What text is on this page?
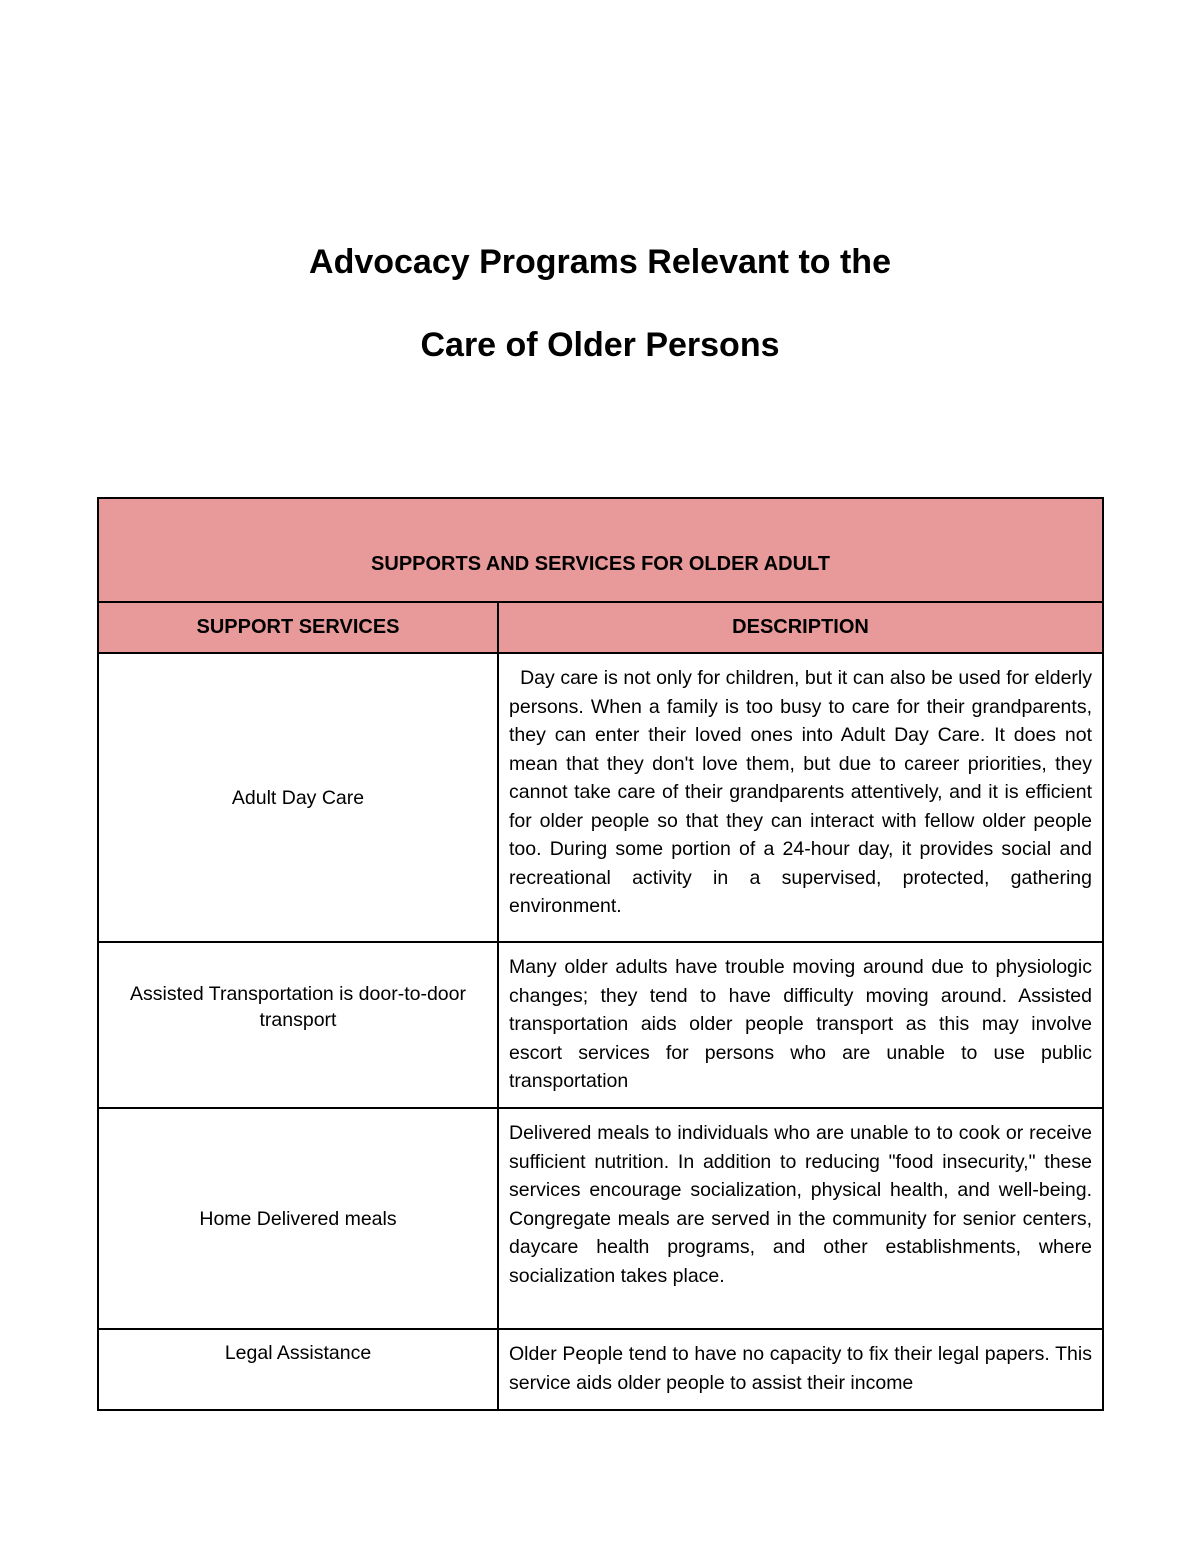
Advocacy Programs Relevant to the
Care of Older Persons
SUPPORTS AND SERVICES FOR OLDER ADULT	
SUPPORT SERVICES	DESCRIPTION
Adult Day Care	Day care is not only for children, but it can also be used for elderly persons. When a family is too busy to care for their grandparents, they can enter their loved ones into Adult Day Care. It does not mean that they don't love them, but due to career priorities, they cannot take care of their grandparents attentively, and it is efficient for older people so that they can interact with fellow older people too. During some portion of a 24-hour day, it provides social and recreational activity in a supervised, protected, gathering environment.
Assisted Transportation is door-to-door transport	Many older adults have trouble moving around due to physiologic changes; they tend to have difficulty moving around. Assisted transportation aids older people transport as this may involve escort services for persons who are unable to use public transportation
Home Delivered meals	Delivered meals to individuals who are unable to to cook or receive sufficient nutrition. In addition to reducing "food insecurity," these services encourage socialization, physical health, and well-being. Congregate meals are served in the community for senior centers, daycare health programs, and other establishments, where socialization takes place.
Legal Assistance	Older People tend to have no capacity to fix their legal papers. This service aids older people to assist their income
